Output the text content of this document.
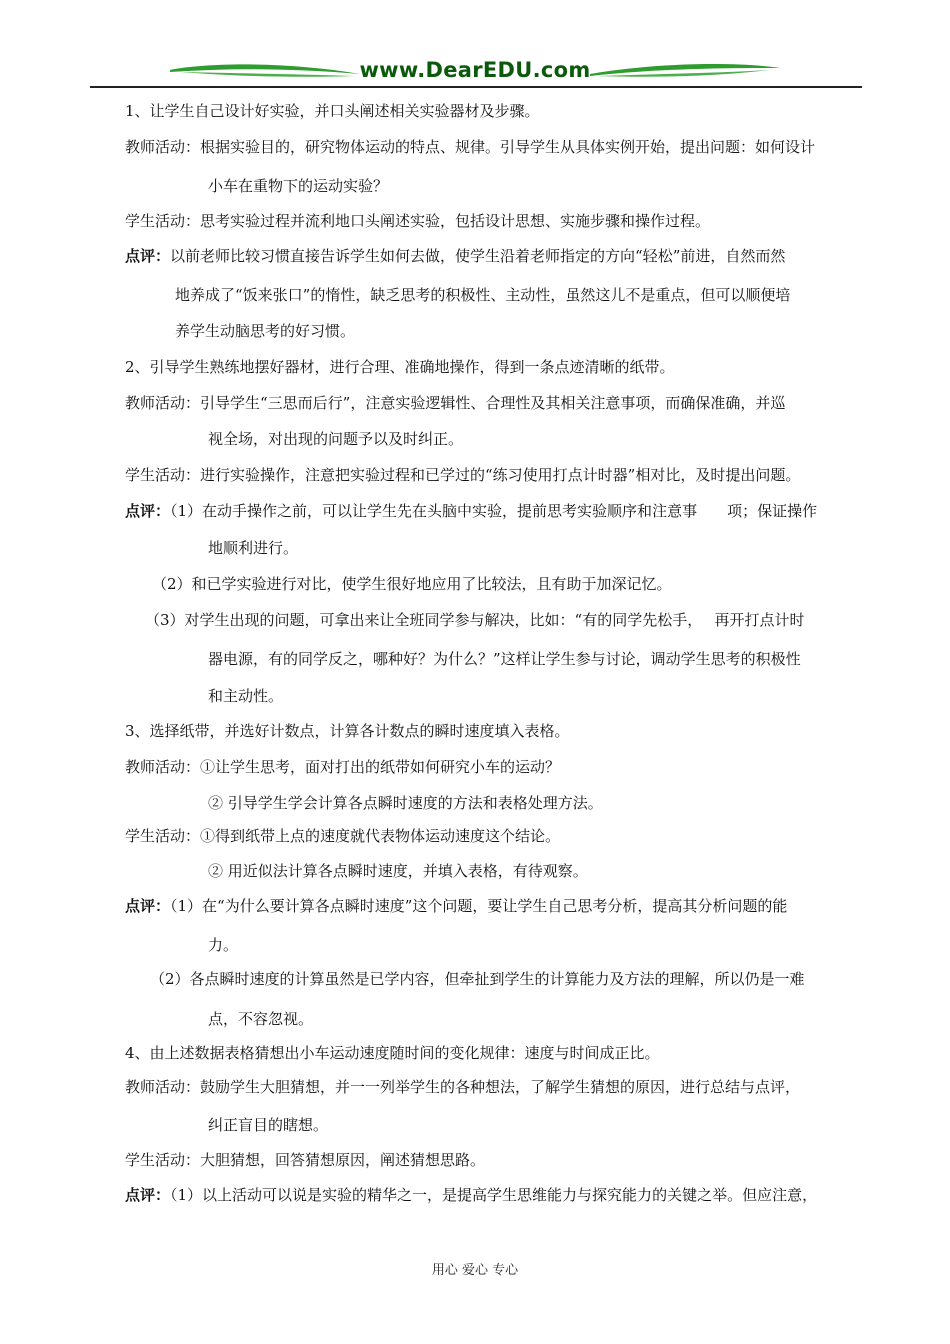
www.DearEDU.com
1、让学生自己设计好实验，并口头阐述相关实验器材及步骤。
教师活动：根据实验目的，研究物体运动的特点、规律。引导学生从具体实例开始，提出问题：如何设计
小车在重物下的运动实验？
学生活动：思考实验过程并流利地口头阐述实验，包括设计思想、实施步骤和操作过程。
点评：以前老师比较习惯直接告诉学生如何去做，使学生沿着老师指定的方向“轻松”前进，自然而然
地养成了“饭来张口”的惰性，缺乏思考的积极性、主动性，虽然这儿不是重点，但可以顺便培
养学生动脑思考的好习惯。
2、引导学生熟练地摆好器材，进行合理、准确地操作，得到一条点迹清晰的纸带。
教师活动：引导学生“三思而后行”，注意实验逻辑性、合理性及其相关注意事项，而确保准确，并巡
视全场，对出现的问题予以及时纠正。
学生活动：进行实验操作，注意把实验过程和已学过的“练习使用打点计时器”相对比，及时提出问题。
点评：（1）在动手操作之前，可以让学生先在头脑中实验，提前思考实验顺序和注意事　　项；保证操作
地顺利进行。
（2）和已学实验进行对比，使学生很好地应用了比较法，且有助于加深记忆。
（3）对学生出现的问题，可拿出来让全班同学参与解决，比如：“有的同学先松手，　 再开打点计时
器电源，有的同学反之，哪种好？为什么？”这样让学生参与讨论，调动学生思考的积极性
和主动性。
3、选择纸带，并选好计数点，计算各计数点的瞬时速度填入表格。
教师活动：①让学生思考，面对打出的纸带如何研究小车的运动？
② 引导学生学会计算各点瞬时速度的方法和表格处理方法。
学生活动：①得到纸带上点的速度就代表物体运动速度这个结论。
② 用近似法计算各点瞬时速度，并填入表格，有待观察。
点评：（1）在“为什么要计算各点瞬时速度”这个问题，要让学生自己思考分析，提高其分析问题的能
力。
（2）各点瞬时速度的计算虽然是已学内容，但牵扯到学生的计算能力及方法的理解，所以仍是一难
点，不容忽视。
4、由上述数据表格猜想出小车运动速度随时间的变化规律：速度与时间成正比。
教师活动：鼓励学生大胆猜想，并一一列举学生的各种想法，了解学生猜想的原因，进行总结与点评，
纠正盲目的瞎想。
学生活动：大胆猜想，回答猜想原因，阐述猜想思路。
点评：（1）以上活动可以说是实验的精华之一，是提高学生思维能力与探究能力的关键之举。但应注意，
用心 爱心 专心
